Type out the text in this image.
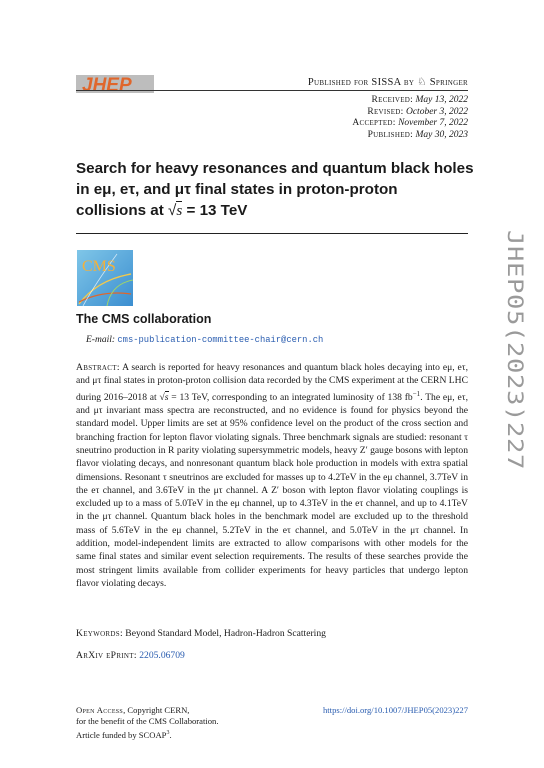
JHEP	Published for SISSA by ♘ Springer
Received: May 13, 2022
Revised: October 3, 2022
Accepted: November 7, 2022
Published: May 30, 2023
Search for heavy resonances and quantum black holes
in eμ, eτ, and μτ final states in proton-proton
collisions at √s = 13 TeV
CMS
The CMS collaboration
E-mail: cms-publication-committee-chair@cern.ch
Abstract: A search is reported for heavy resonances and quantum black holes decaying into eμ, eτ, and μτ final states in proton-proton collision data recorded by the CMS experiment at the CERN LHC during 2016–2018 at √s = 13 TeV, corresponding to an integrated luminosity of 138 $fb^{-1}$. The eμ, eτ, and μτ invariant mass spectra are reconstructed, and no evidence is found for physics beyond the standard model. Upper limits are set at 95% confidence level on the product of the cross section and branching fraction for lepton flavor violating signals. Three benchmark signals are studied: resonant τ sneutrino production in R parity violating supersymmetric models, heavy Z′ gauge bosons with lepton flavor violating decays, and nonresonant quantum black hole production in models with extra spatial dimensions. Resonant τ sneutrinos are excluded for masses up to 4.2TeV in the eμ channel, 3.7TeV in the eτ channel, and 3.6TeV in the μτ channel. A Z′ boson with lepton flavor violating couplings is excluded up to a mass of 5.0TeV in the eμ channel, up to 4.3TeV in the eτ channel, and up to 4.1TeV in the μτ channel. Quantum black holes in the benchmark model are excluded up to the threshold mass of 5.6TeV in the eμ channel, 5.2TeV in the eτ channel, and 5.0TeV in the μτ channel. In addition, model-independent limits are extracted to allow comparisons with other models for the same final states and similar event selection requirements. The results of these searches provide the most stringent limits available from collider experiments for heavy particles that undergo lepton flavor violating decays.
Keywords: Beyond Standard Model, Hadron-Hadron Scattering
ArXiv ePrint: 2205.06709
Open Access, Copyright CERN,
for the benefit of the CMS Collaboration.
Article funded by SCOAP$^3$.
https://doi.org/10.1007/JHEP05(2023)227
JHEP05(2023)227
